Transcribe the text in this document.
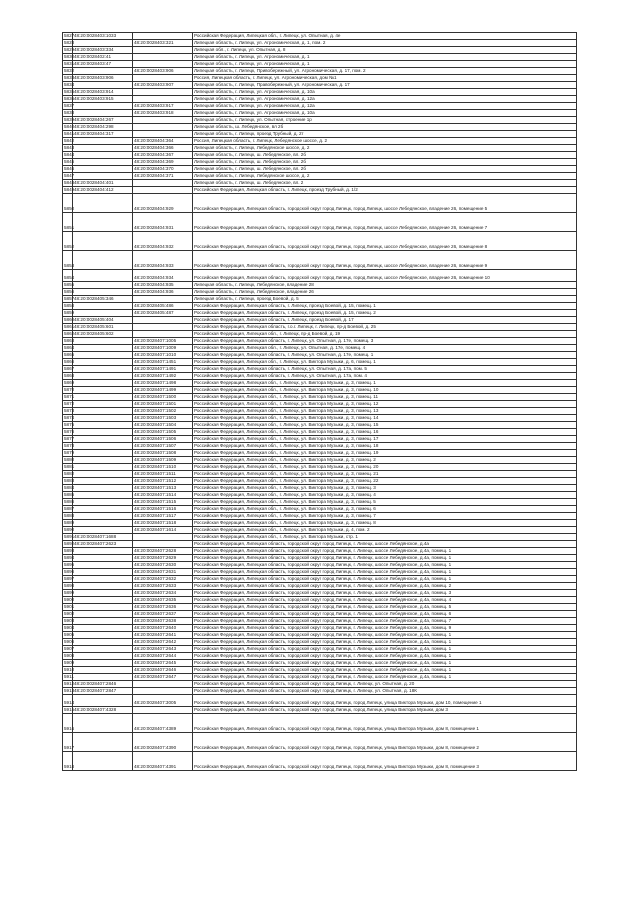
5827	48:20:0028403:1033		Российская Федерация, Липецкая обл., г. Липецк, ул. Опытная, д. 4е
5828		48:20:0028403:321	Липецкая область, г. Липецк, ул. Агрономическая, д. 1, пом. 2
5829	48:20:0028403:334		Липецкая обл., г. Липецк, ул. Опытная, д. 8
5830	48:20:0028402:41		Липецкая область, г. Липецк, ул. Агрономическая, д. 1
5831	48:20:0028403:47		Липецкая область, г. Липецк, ул. Агрономическая, д. 1
5832		48:20:0028403:906	Липецкая область, г. Липецк, Привобережный, ул. Агрономическая, д. 17, пом. 2
5833	48:20:0028403:906		Россия, Липецкая область, г. Липецк, ул. Агрономическая, дом №1
5834		48:20:0028403:907	Липецкая область, г. Липецк, Правобережный, ул. Агрономическая, д. 17
5835	48:20:0028403:914		Липецкая область, г. Липецк, ул. Агрономическая, д. 10а
5836	48:20:0028403:915		Липецкая область, г. Липецк, ул. Агрономическая, д. 12а
5837		48:20:0028403:917	Липецкая область, г. Липецк, ул. Агрономическая, д. 12а
5838		48:20:0028403:918	Липецкая область, г. Липецк, ул. Агрономическая, д. 10а
5839	48:20:0028404:267		Липецкая область, г. Липецк, ул. Опытная, строение 1р
5840	48:20:0028404:298		Липецкая область, ш. Лебедянское, вл 2б
5841	48:20:0028404:317		Липецкая область, г. Липецк, проезд Трубный, д. 2т
5842		48:20:0028404:364	Россия, Липецкая область, г. Липецк, Лебедянское шоссе, д. 2
5843		48:20:0028404:366	Липецкая область, г. Липецк, Лебедянское шоссе, д. 2
5844		48:20:0028404:367	Липецкая область, г. Липецк, ш. Лебедянское, вл. 2б
5845		48:20:0028404:369	Липецкая область, г. Липецк, ш. Лебедянское, вл. 2б
5846		48:20:0028404:370	Липецкая область, г. Липецк, ш. Лебедянское, вл. 2б
5847		48:20:0028404:371	Липецкая область, г. Липецк, Лебедянское шоссе, д. 2
5848	48:20:0028404:401		Липецкая область, г. Липецк, ш. Лебедянское, вл. 2
5849	48:20:0028404:412		Российская Федерация, Липецкая область, г. Липецк, проезд Трубный, д. 1/2
5850		48:20:0028404:929	Российская Федерация, Липецкая область, городской округ город Липецк, город Липецк, шоссе Лебедянское, владение 26, помещение 5
5851		48:20:0028404:931	Российская Федерация, Липецкая область, городской округ город Липецк, город Липецк, шоссе Лебедянское, владение 26, помещение 7
5852		48:20:0028404:932	Российская Федерация, Липецкая область, городской округ город Липецк, город Липецк, шоссе Лебедянское, владение 26, помещение 8
5853		48:20:0028404:933	Российская Федерация, Липецкая область, городской округ город Липецк, город Липецк, шоссе Лебедянское, владение 26, помещение 9
5854		48:20:0028404:934	Российская Федерация, Липецкая область, городской округ город Липецк, город Липецк, шоссе Лебедянское, владение 26, помещение 10
5855		48:20:0028404:935	Липецкая область, г. Липецк, Лебедянское, владение 28
5856		48:20:0028404:936	Липецкая область, г. Липецк, Лебедянское, владение 26
5857	48:20:0028405:346		Липецкая область, г. Липецк, проезд Боевой, д. 5
5858		48:20:0028405:486	Российская Федерация, Липецкая область, г. Липецк, проезд Боевой, д. 15, помещ. 1
5859		48:20:0028405:487	Российская Федерация, Липецкая область, г. Липецк, проезд Боевой, д. 15, помещ. 2
5860	48:20:0028405:404		Российская Федерация, Липецкая область, г. Липецк, проезд Боевой, д. 17
5861	48:20:0028405:601		Российская Федерация, Липецкая область, г.о.г. Липецк, г. Липецк, пр-д Боевой, д. 25
5862	48:20:0028405:602		Российская Федерация, Липецкая обл., г. Липецк, пр-д Боевой, д. 19
5863		48:20:0028407:1005	Российская Федерация, Липецкая область, г. Липецк, ул. Опытная, д. 17е, помещ. 3
5864		48:20:0028407:1009	Российская Федерация, Липецкая обл., г. Липецк, ул. Опытная, д. 17е, помещ. 4
5865		48:20:0028407:1010	Российская Федерация, Липецкая область, г. Липецк, ул. Опытная, д. 17е, помещ. 1
5866		48:20:0028407:1451	Российская Федерация, Липецкая обл., г. Липецк, ул. Виктора Музыки, д. 6, помещ. 1
5867		48:20:0028407:1491	Российская Федерация, Липецкая область, г. Липецк, ул. Опытная, д. 17а, пом. 5
5868		48:20:0028407:1492	Российская Федерация, Липецкая область, г. Липецк, ул. Опытная, д. 17а, пом. 4
5869		48:20:0028407:1498	Российская Федерация, Липецкая обл., г. Липецк, ул. Виктора Музыки, д. 3, помещ. 1
5870		48:20:0028407:1499	Российская Федерация, Липецкая обл., г. Липецк, ул. Виктора Музыки, д. 3, помещ. 10
5871		48:20:0028407:1500	Российская Федерация, Липецкая обл., г. Липецк, ул. Виктора Музыки, д. 3, помещ. 11
5872		48:20:0028407:1501	Российская Федерация, Липецкая обл., г. Липецк, ул. Виктора Музыки, д. 3, помещ. 12
5873		48:20:0028407:1502	Российская Федерация, Липецкая обл., г. Липецк, ул. Виктора Музыки, д. 3, помещ. 13
5874		48:20:0028407:1503	Российская Федерация, Липецкая обл., г. Липецк, ул. Виктора Музыки, д. 3, помещ. 14
5875		48:20:0028407:1504	Российская Федерация, Липецкая обл., г. Липецк, ул. Виктора Музыки, д. 3, помещ. 15
5876		48:20:0028407:1505	Российская Федерация, Липецкая обл., г. Липецк, ул. Виктора Музыки, д. 3, помещ. 16
5877		48:20:0028407:1506	Российская Федерация, Липецкая обл., г. Липецк, ул. Виктора Музыки, д. 3, помещ. 17
5878		48:20:0028407:1507	Российская Федерация, Липецкая обл., г. Липецк, ул. Виктора Музыки, д. 3, помещ. 18
5879		48:20:0028407:1508	Российская Федерация, Липецкая обл., г. Липецк, ул. Виктора Музыки, д. 3, помещ. 19
5880		48:20:0028407:1509	Российская Федерация, Липецкая обл., г. Липецк, ул. Виктора Музыки, д. 3, помещ. 2
5881		48:20:0028407:1510	Российская Федерация, Липецкая обл., г. Липецк, ул. Виктора Музыки, д. 3, помещ. 20
5882		48:20:0028407:1511	Российская Федерация, Липецкая обл., г. Липецк, ул. Виктора Музыки, д. 3, помещ. 21
5883		48:20:0028407:1512	Российская Федерация, Липецкая обл., г. Липецк, ул. Виктора Музыки, д. 3, помещ. 22
5884		48:20:0028407:1513	Российская Федерация, Липецкая обл., г. Липецк, ул. Виктора Музыки, д. 3, помещ. 3
5885		48:20:0028407:1514	Российская Федерация, Липецкая обл., г. Липецк, ул. Виктора Музыки, д. 3, помещ. 4
5886		48:20:0028407:1515	Российская Федерация, Липецкая обл., г. Липецк, ул. Виктора Музыки, д. 3, помещ. 5
5887		48:20:0028407:1516	Российская Федерация, Липецкая обл., г. Липецк, ул. Виктора Музыки, д. 3, помещ. 6
5888		48:20:0028407:1517	Российская Федерация, Липецкая обл., г. Липецк, ул. Виктора Музыки, д. 3, помещ. 7
5889		48:20:0028407:1518	Российская Федерация, Липецкая обл., г. Липецк, ул. Виктора Музыки, д. 3, помещ. 8
5890		48:20:0028407:1614	Российская Федерация, Липецкая обл., г. Липецк, ул. Виктора Музыки, д. 4, пом. 2
5891	48:20:0028407:1688		Российская Федерация, Липецкая обл., г. Липецк, ул. Виктора Музыки, стр. 1
5892	48:20:0028407:2623		Российская Федерация, Липецкая область, городской округ город Липецк, г. Липецк, шоссе Лебедянское, д.4а
5893		48:20:0028407:2628	Российская Федерация, Липецкая область, городской округ город Липецк, г. Липецк, шоссе Лебедянское, д.4а, помещ. 1
5894		48:20:0028407:2629	Российская Федерация, Липецкая область, городской округ город Липецк, г. Липецк, шоссе Лебедянское, д.4а, помещ. 1
5895		48:20:0028407:2630	Российская Федерация, Липецкая область, городской округ город Липецк, г. Липецк, шоссе Лебедянское, д.4а, помещ. 1
5896		48:20:0028407:2631	Российская Федерация, Липецкая область, городской округ город Липецк, г. Липецк, шоссе Лебедянское, д.4а, помещ. 1
5897		48:20:0028407:2632	Российская Федерация, Липецкая область, городской округ город Липецк, г. Липецк, шоссе Лебедянское, д.4а, помещ. 1
5898		48:20:0028407:2633	Российская Федерация, Липецкая область, городской округ город Липецк, г. Липецк, шоссе Лебедянское, д.4а, помещ. 2
5899		48:20:0028407:2634	Российская Федерация, Липецкая область, городской округ город Липецк, г. Липецк, шоссе Лебедянское, д.4а, помещ. 3
5900		48:20:0028407:2635	Российская Федерация, Липецкая область, городской округ город Липецк, г. Липецк, шоссе Лебедянское, д.4а, помещ. 4
5901		48:20:0028407:2636	Российская Федерация, Липецкая область, городской округ город Липецк, г. Липецк, шоссе Лебедянское, д.4а, помещ. 5
5902		48:20:0028407:2637	Российская Федерация, Липецкая область, городской округ город Липецк, г. Липецк, шоссе Лебедянское, д.4а, помещ. 6
5903		48:20:0028407:2638	Российская Федерация, Липецкая область, городской округ город Липецк, г. Липецк, шоссе Лебедянское, д.4а, помещ. 7
5904		48:20:0028407:2640	Российская Федерация, Липецкая область, городской округ город Липецк, г. Липецк, шоссе Лебедянское, д.4а, помещ. 9
5905		48:20:0028407:2641	Российская Федерация, Липецкая область, городской округ город Липецк, г. Липецк, шоссе Лебедянское, д.4а, помещ. 1
5906		48:20:0028407:2642	Российская Федерация, Липецкая область, городской округ город Липецк, г. Липецк, шоссе Лебедянское, д.4а, помещ. 1
5907		48:20:0028407:2643	Российская Федерация, Липецкая область, городской округ город Липецк, г. Липецк, шоссе Лебедянское, д.4а, помещ. 1
5908		48:20:0028407:2644	Российская Федерация, Липецкая область, городской округ город Липецк, г. Липецк, шоссе Лебедянское, д.4а, помещ. 1
5909		48:20:0028407:2645	Российская Федерация, Липецкая область, городской округ город Липецк, г. Липецк, шоссе Лебедянское, д.4а, помещ. 1
5910		48:20:0028407:2646	Российская Федерация, Липецкая область, городской округ город Липецк, г. Липецк, шоссе Лебедянское, д.4а, помещ. 1
5911		48:20:0028407:2647	Российская Федерация, Липецкая область, городской округ город Липецк, г. Липецк, шоссе Лебедянское, д.4а, помещ. 1
5912	48:20:0028407:2846		Российская Федерация, Липецкая область, городской округ город Липецк, г. Липецк, ул. Опытная, д. 20
5913	48:20:0028407:2847		Российская Федерация, Липецкая область, городской округ город Липецк, г. Липецк, ул. Опытная, д. 18К
5914		48:20:0028407:3005	Российская Федерация, Липецкая область, городской округ город Липецк, город Липецк, улица Виктора Музыки, дом 10, помещение 1
5915	48:20:0028407:4328		Российская Федерация, Липецкая область, городской округ город Липецк, город Липецк, улица Виктора Музыки, дом 3
5916		48:20:0028407:4389	Российская Федерация, Липецкая область, городской округ город Липецк, город Липецк, улица Виктора Музыки, дом 8, помещение 1
5917		48:20:0028407:4390	Российская Федерация, Липецкая область, городской округ город Липецк, город Липецк, улица Виктора Музыки, дом 8, помещение 2
5918		48:20:0028407:4391	Российская Федерация, Липецкая область, городской округ город Липецк, город Липецк, улица Виктора Музыки, дом 8, помещение 3
